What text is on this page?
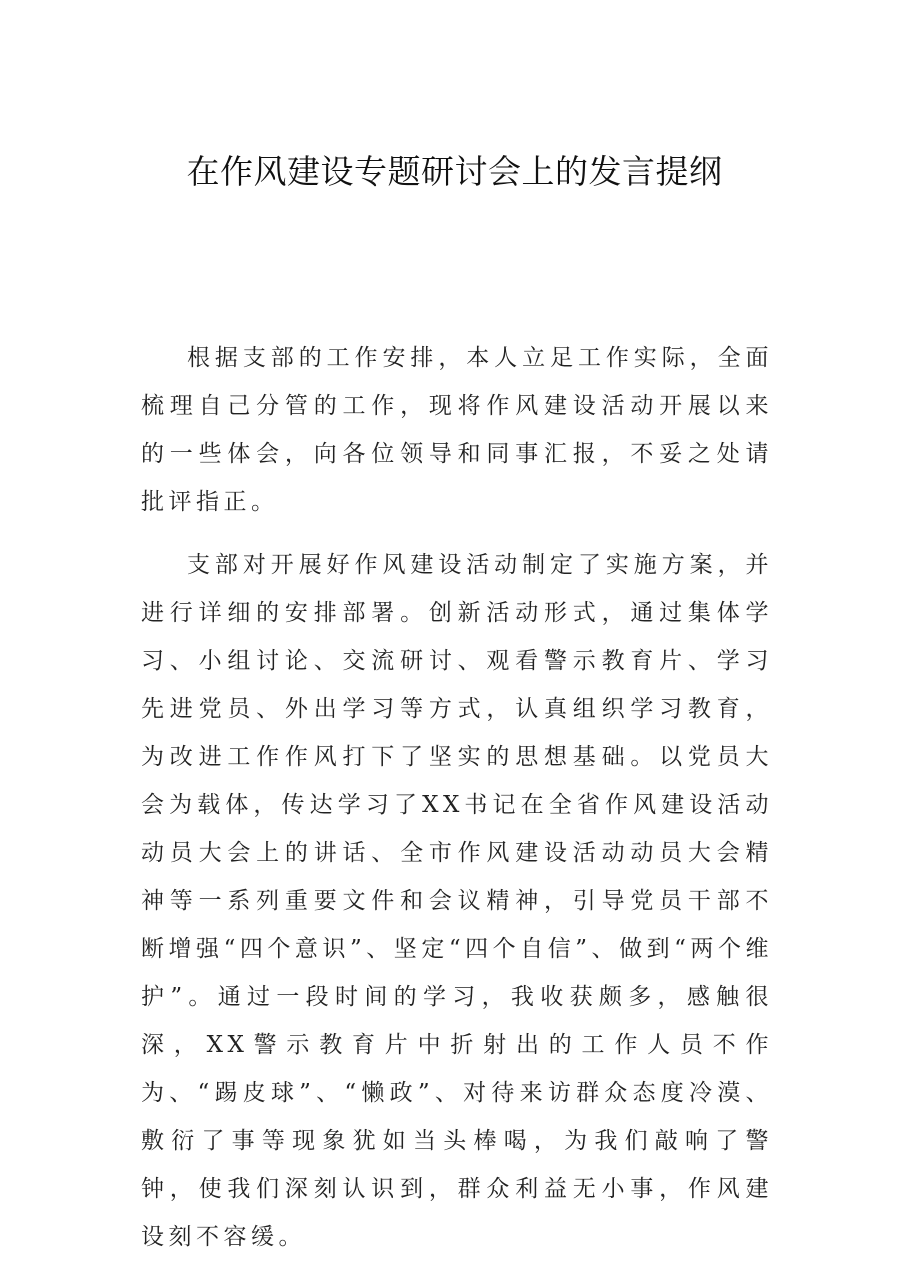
在作风建设专题研讨会上的发言提纲

根据支部的工作安排，本人立足工作实际，全面梳理自己分管的工作，现将作风建设活动开展以来的一些体会，向各位领导和同事汇报，不妥之处请批评指正。

支部对开展好作风建设活动制定了实施方案，并进行详细的安排部署。创新活动形式，通过集体学习、小组讨论、交流研讨、观看警示教育片、学习先进党员、外出学习等方式，认真组织学习教育，为改进工作作风打下了坚实的思想基础。以党员大会为载体，传达学习了XX书记在全省作风建设活动动员大会上的讲话、全市作风建设活动动员大会精神等一系列重要文件和会议精神，引导党员干部不断增强“四个意识”、坚定“四个自信”、做到“两个维护”。通过一段时间的学习，我收获颇多，感触很深，XX警示教育片中折射出的工作人员不作为、“踢皮球”、“懒政”、对待来访群众态度冷漠、敷衍了事等现象犹如当头棒喝，为我们敲响了警钟，使我们深刻认识到，群众利益无小事，作风建设刻不容缓。
